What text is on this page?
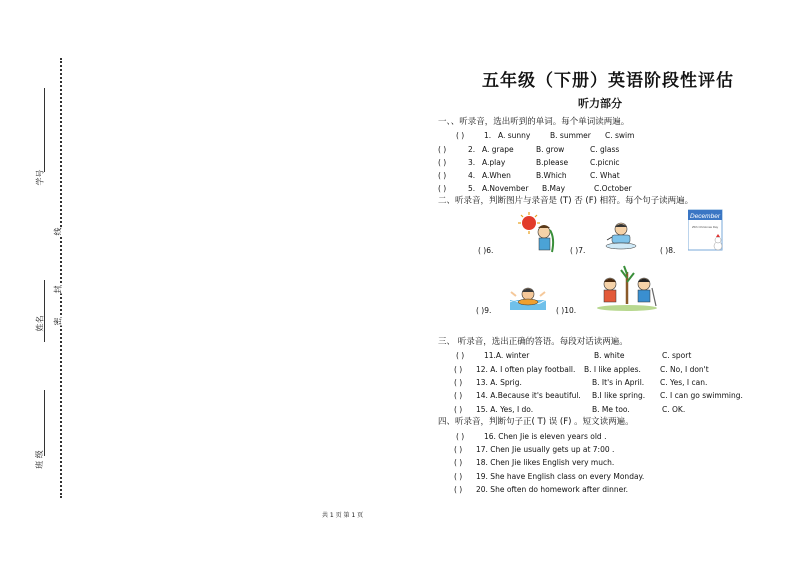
学号
姓名
班 级
线
封
密
五年级（下册）英语阶段性评估
听力部分
一、、听录音，选出听到的单词。每个单词读两遍。
( )	1. A. sunny	B. summer C. swim
( )	2. A. grape	B. grow	C. glass
( )	3. A.play	B.please	C.picnic
( )	4. A.When	B.Which	C. What
( )	5. A.November B.May	C.October
二、听录音，判断图片与录音是 (T) 否 (F) 相符。每个句子读两遍。
( )6.	( )7.
December
25th Christmas Day
( )8.
( )9.	( )10.
三、 听录音，选出正确的答语。每段对话读两遍。
( )	11.A. winter	B. white	C. sport
( ) 12. A. I often play football. B. I like apples.	C. No, I don't
( ) 13. A. Sprig.	B. It's in April. C. Yes, I can.
( ) 14. A.Because it's beautiful. B.I like spring. C. I can go swimming.
( ) 15. A. Yes, I do.	B. Me too.	C. OK.
四、听录音，判断句子正( T) 误 (F) 。短文读两遍。
( )	16. Chen Jie is eleven years old .
( ) 17. Chen Jie usually gets up at 7:00 .
( ) 18. Chen Jie likes English very much.
( ) 19. She have English class on every Monday.
( ) 20. She often do homework after dinner.
共 1 页 第 1 页
